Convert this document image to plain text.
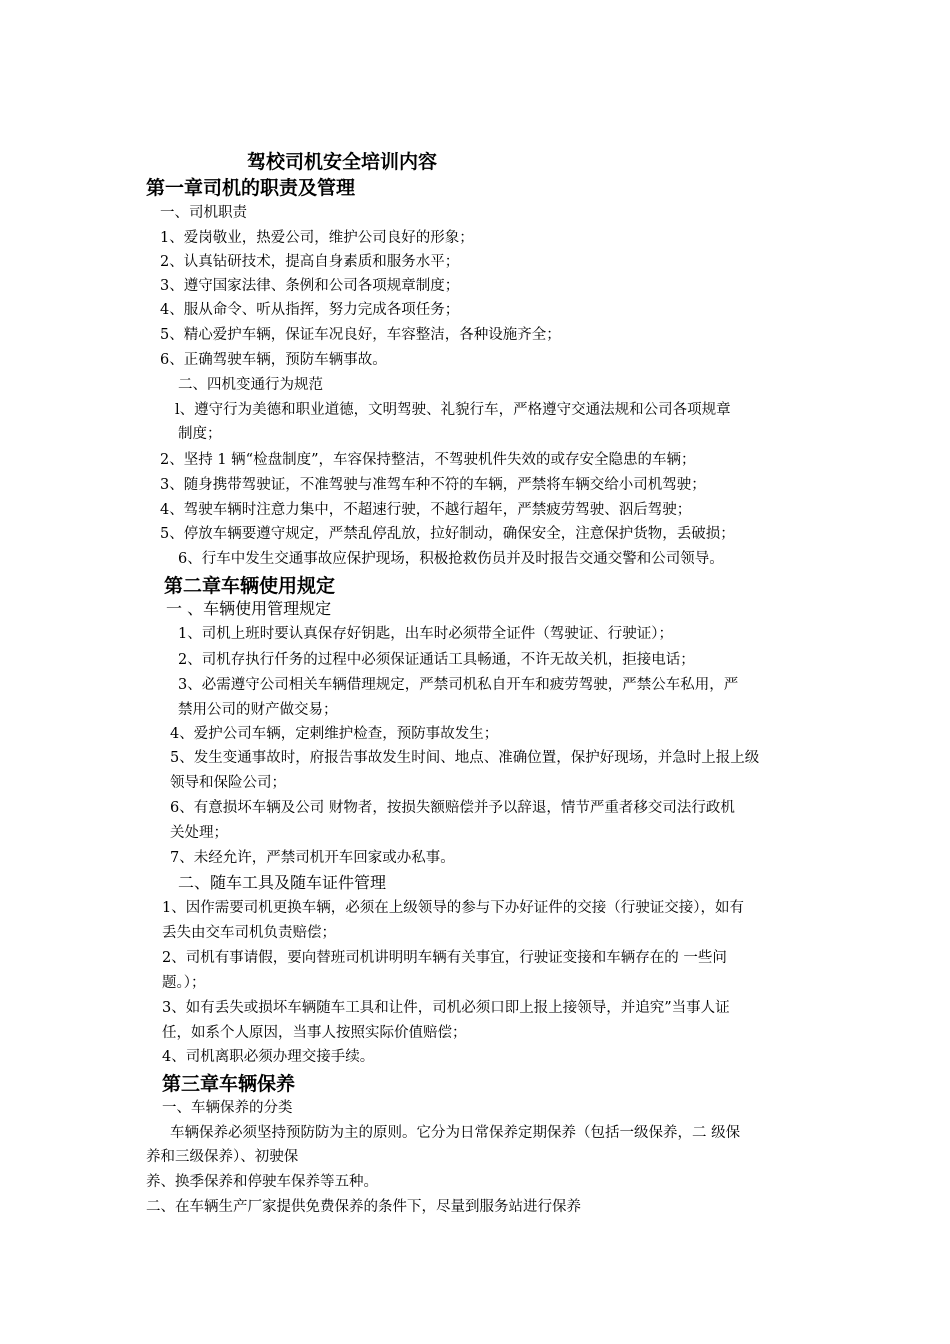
驾校司机安全培训内容
第一章司机的职责及管理
一、司机职责
1、爱岗敬业，热爱公司，维护公司良好的形象；
2、认真钻研技术，提高自身素质和服务水平；
3、遵守国家法律、条例和公司各项规章制度；
4、服从命令、听从指挥，努力完成各项任务；
5、精心爱护车辆，保证车况良好，车容整洁，各种设施齐全；
6、正确驾驶车辆，预防车辆事故。
二、四机变通行为规范
l、遵守行为美德和职业道德，文明驾驶、礼貌行车，严格遵守交通法规和公司各项规章
制度；
2、坚持 1 辆“检盘制度”，车容保持整洁，不驾驶机件失效的或存安全隐患的车辆；
3、随身携带驾驶证，不准驾驶与准驾车种不符的车辆，严禁将车辆交给小司机驾驶；
4、驾驶车辆时注意力集中，不超速行驶，不越行超年，严禁疲劳驾驶、泅后驾驶；
5、停放车辆要遵守规定，严禁乱停乱放，拉好制动，确保安全，注意保护货物，丢破损；
6、行车中发生交通事故应保护现场，积极抢救伤员并及时报告交通交警和公司领导。
第二章车辆使用规定
一 、车辆使用管理规定
1、司机上班时要认真保存好钥匙，出车时必须带全证件（驾驶证、行驶证）；
2、司机存执行仟务的过程中必须保证通话工具畅通，不许无故关机，拒接电话；
3、必需遵守公司相关车辆借理规定，严禁司机私自开车和疲劳驾驶，严禁公车私用，严
禁用公司的财产做交易；
4、爱护公司车辆，定剌维护检查，预防事故发生；
5、发生变通事故时，府报告事故发生时间、地点、准确位置，保护好现场，并急时上报上级
领导和保险公司；
6、有意损坏车辆及公司 财物者，按损失额赔偿并予以辞退，情节严重者移交司法行政机
关处理；
7、未经允许，严禁司机开车回家或办私事。
二、随车工具及随车证件管理
1、因作需要司机更换车辆，必须在上级领导的参与下办好证件的交接（行驶证交接），如有
丢失由交车司机负责赔偿；
2、司机有事请假，要向替班司机讲明明车辆有关事宜，行驶证变接和车辆存在的 一些问
题。）；
3、如有丢失或损坏车辆随车工具和让件，司机必须口即上报上接领导，并追究”当事人证
任，如系个人原因，当事人按照实际价值赔偿；
4、司机离职必须办理交接手续。
第三章车辆保养
一、车辆保养的分类
车辆保养必须坚持预防防为主的原则。它分为日常保养定期保养（包括一级保养，二 级保
养和三级保养）、初驶保
养、换季保养和停驶车保养等五种。
二、在车辆生产厂家提供免费保养的条件下，尽量到服务站进行保养
